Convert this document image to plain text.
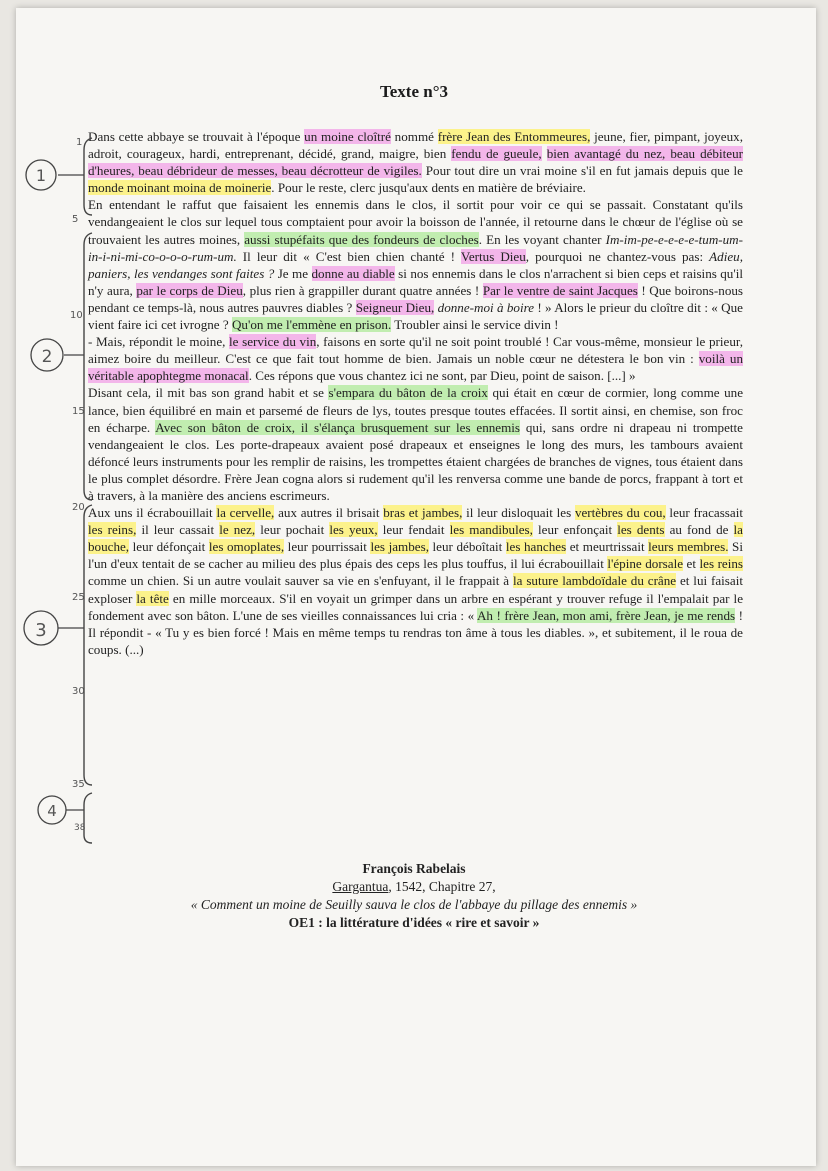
Texte n°3

Dans cette abbaye se trouvait à l'époque un moine cloîtré nommé frère Jean des Entommeures, jeune, fier, pimpant, joyeux, adroit, courageux, hardi, entreprenant, décidé, grand, maigre, bien fendu de gueule, bien avantagé du nez, beau débiteur d'heures, beau débrideur de messes, beau décrotteur de vigiles. Pour tout dire un vrai moine s'il en fut jamais depuis que le monde moinant moina de moinerie. Pour le reste, clerc jusqu'aux dents en matière de bréviaire.

En entendant le raffut que faisaient les ennemis dans le clos, il sortit pour voir ce qui se passait. Constatant qu'ils vendangeaient le clos sur lequel tous comptaient pour avoir la boisson de l'année, il retourne dans le chœur de l'église où se trouvaient les autres moines, aussi stupéfaits que des fondeurs de cloches. En les voyant chanter Im-im-pe-e-e-e-e-tum-um-in-i-ni-mi-co-o-o-o-rum-um. Il leur dit « C'est bien chien chanté ! Vertus Dieu, pourquoi ne chantez-vous pas: Adieu, paniers, les vendanges sont faites ? Je me donne au diable si nos ennemis dans le clos n'arrachent si bien ceps et raisins qu'il n'y aura, par le corps de Dieu, plus rien à grappiller durant quatre années ! Par le ventre de saint Jacques ! Que boirons-nous pendant ce temps-là, nous autres pauvres diables ? Seigneur Dieu, donne-moi à boire ! » Alors le prieur du cloître dit : « Que vient faire ici cet ivrogne ? Qu'on me l'emmène en prison. Troubler ainsi le service divin !

- Mais, répondit le moine, le service du vin, faisons en sorte qu'il ne soit point troublé ! Car vous-même, monsieur le prieur, aimez boire du meilleur. C'est ce que fait tout homme de bien. Jamais un noble cœur ne détestera le bon vin : voilà un véritable apophtegme monacal. Ces répons que vous chantez ici ne sont, par Dieu, point de saison. [...] »

Disant cela, il mit bas son grand habit et se s'empara du bâton de la croix qui était en cœur de cormier, long comme une lance, bien équilibré en main et parsemé de fleurs de lys, toutes presque toutes effacées. Il sortit ainsi, en chemise, son froc en écharpe. Avec son bâton de croix, il s'élança brusquement sur les ennemis qui, sans ordre ni drapeau ni trompette vendangeaient le clos. Les porte-drapeaux avaient posé drapeaux et enseignes le long des murs, les tambours avaient défoncé leurs instruments pour les remplir de raisins, les trompettes étaient chargées de branches de vignes, tous étaient dans le plus complet désordre. Frère Jean cogna alors si rudement qu'il les renversa comme une bande de porcs, frappant à tort et à travers, à la manière des anciens escrimeurs.

Aux uns il écrabouillait la cervelle, aux autres il brisait bras et jambes, il leur disloquait les vertèbres du cou, leur fracassait les reins, il leur cassait le nez, leur pochait les yeux, leur fendait les mandibules, leur enfonçait les dents au fond de la bouche, leur défonçait les omoplates, leur pourrissait les jambes, leur déboîtait les hanches et meurtrissait leurs membres. Si l'un d'eux tentait de se cacher au milieu des plus épais des ceps les plus touffus, il lui écrabouillait l'épine dorsale et les reins comme un chien. Si un autre voulait sauver sa vie en s'enfuyant, il le frappait à la suture lambdoïdale du crâne et lui faisait exploser la tête en mille morceaux. S'il en voyait un grimper dans un arbre en espérant y trouver refuge il l'empalait par le fondement avec son bâton. L'une de ses vieilles connaissances lui cria : « Ah ! frère Jean, mon ami, frère Jean, je me rends ! Il répondit - « Tu y es bien forcé ! Mais en même temps tu rendras ton âme à tous les diables. », et subitement, il le roua de coups. (...)

François Rabelais
Gargantua, 1542, Chapitre 27,
« Comment un moine de Seuilly sauva le clos de l'abbaye du pillage des ennemis »
OE1 : la littérature d'idées « rire et savoir »
1
2
3
4
1
5
10
15
20
25
30
35
38
